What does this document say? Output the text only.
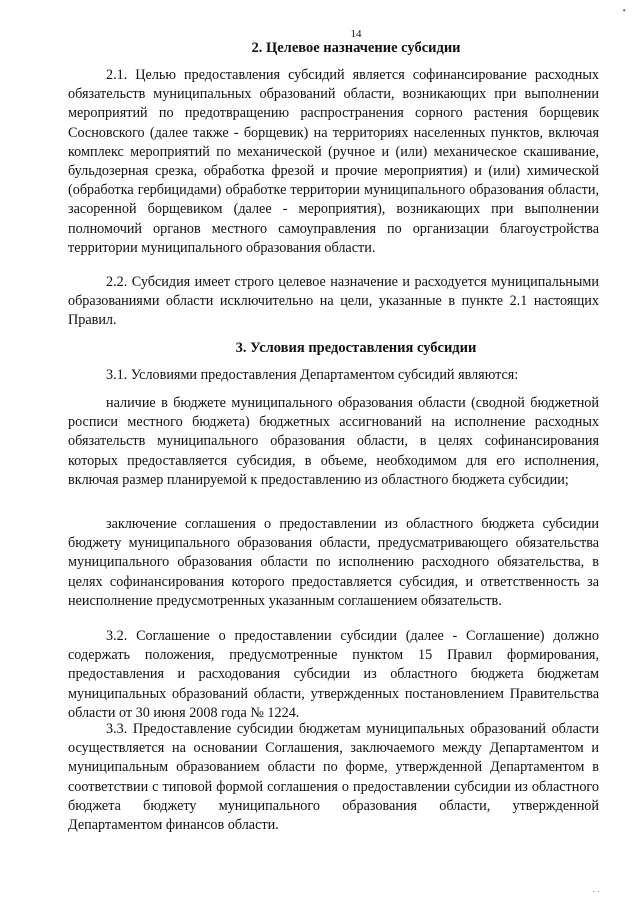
•
14
2. Целевое назначение субсидии
2.1. Целью предоставления субсидий является софинансирование расходных обязательств муниципальных образований области, возникающих при выполнении мероприятий по предотвращению распространения сорного растения борщевик Сосновского (далее также - борщевик) на территориях населенных пунктов, включая комплекс мероприятий по механической (ручное и (или) механическое скашивание, бульдозерная срезка, обработка фрезой и прочие мероприятия) и (или) химической (обработка гербицидами) обработке территории муниципального образования области, засоренной борщевиком (далее - мероприятия), возникающих при выполнении полномочий органов местного самоуправления по организации благоустройства территории муниципального образования области.
2.2. Субсидия имеет строго целевое назначение и расходуется муниципальными образованиями области исключительно на цели, указанные в пункте 2.1 настоящих Правил.
3. Условия предоставления субсидии
3.1. Условиями предоставления Департаментом субсидий являются:
наличие в бюджете муниципального образования области (сводной бюджетной росписи местного бюджета) бюджетных ассигнований на исполнение расходных обязательств муниципального образования области, в целях софинансирования которых предоставляется субсидия, в объеме, необходимом для его исполнения, включая размер планируемой к предоставлению из областного бюджета субсидии;
заключение соглашения о предоставлении из областного бюджета субсидии бюджету муниципального образования области, предусматривающего обязательства муниципального образования области по исполнению расходного обязательства, в целях софинансирования которого предоставляется субсидия, и ответственность за неисполнение предусмотренных указанным соглашением обязательств.
3.2. Соглашение о предоставлении субсидии (далее - Соглашение) должно содержать положения, предусмотренные пунктом 15 Правил формирования, предоставления и расходования субсидии из областного бюджета бюджетам муниципальных образований области, утвержденных постановлением Правительства области от 30 июня 2008 года № 1224.
3.3. Предоставление субсидии бюджетам муниципальных образований области осуществляется на основании Соглашения, заключаемого между Департаментом и муниципальным образованием области по форме, утвержденной Департаментом в соответствии с типовой формой соглашения о предоставлении субсидии из областного бюджета бюджету муниципального образования области, утвержденной Департаментом финансов области.
. .
